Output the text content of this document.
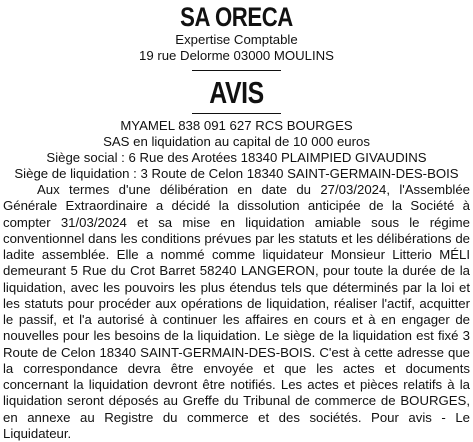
SA ORECA
Expertise Comptable
19 rue Delorme 03000 MOULINS
AVIS
MYAMEL 838 091 627 RCS BOURGES
SAS en liquidation au capital de 10 000 euros
Siège social : 6 Rue des Arotées 18340 PLAIMPIED GIVAUDINS
Siège de liquidation : 3 Route de Celon 18340 SAINT-GERMAIN-DES-BOIS
Aux termes d'une délibération en date du 27/03/2024, l'Assemblée Générale Extraordinaire a décidé la dissolution anticipée de la Société à compter 31/03/2024 et sa mise en liquidation amiable sous le régime conventionnel dans les conditions prévues par les statuts et les délibérations de ladite assemblée. Elle a nommé comme liquidateur Monsieur Litterio MÉLI demeurant 5 Rue du Crot Barret 58240 LANGERON, pour toute la durée de la liquidation, avec les pouvoirs les plus étendus tels que déterminés par la loi et les statuts pour procéder aux opérations de liquidation, réaliser l'actif, acquitter le passif, et l'a autorisé à continuer les affaires en cours et à en engager de nouvelles pour les besoins de la liquidation. Le siège de la liquidation est fixé 3 Route de Celon 18340 SAINT-GERMAIN-DES-BOIS. C'est à cette adresse que la correspondance devra être envoyée et que les actes et documents concernant la liquidation devront être notifiés. Les actes et pièces relatifs à la liquidation seront déposés au Greffe du Tribunal de commerce de BOURGES, en annexe au Registre du commerce et des sociétés. Pour avis - Le Liquidateur.
